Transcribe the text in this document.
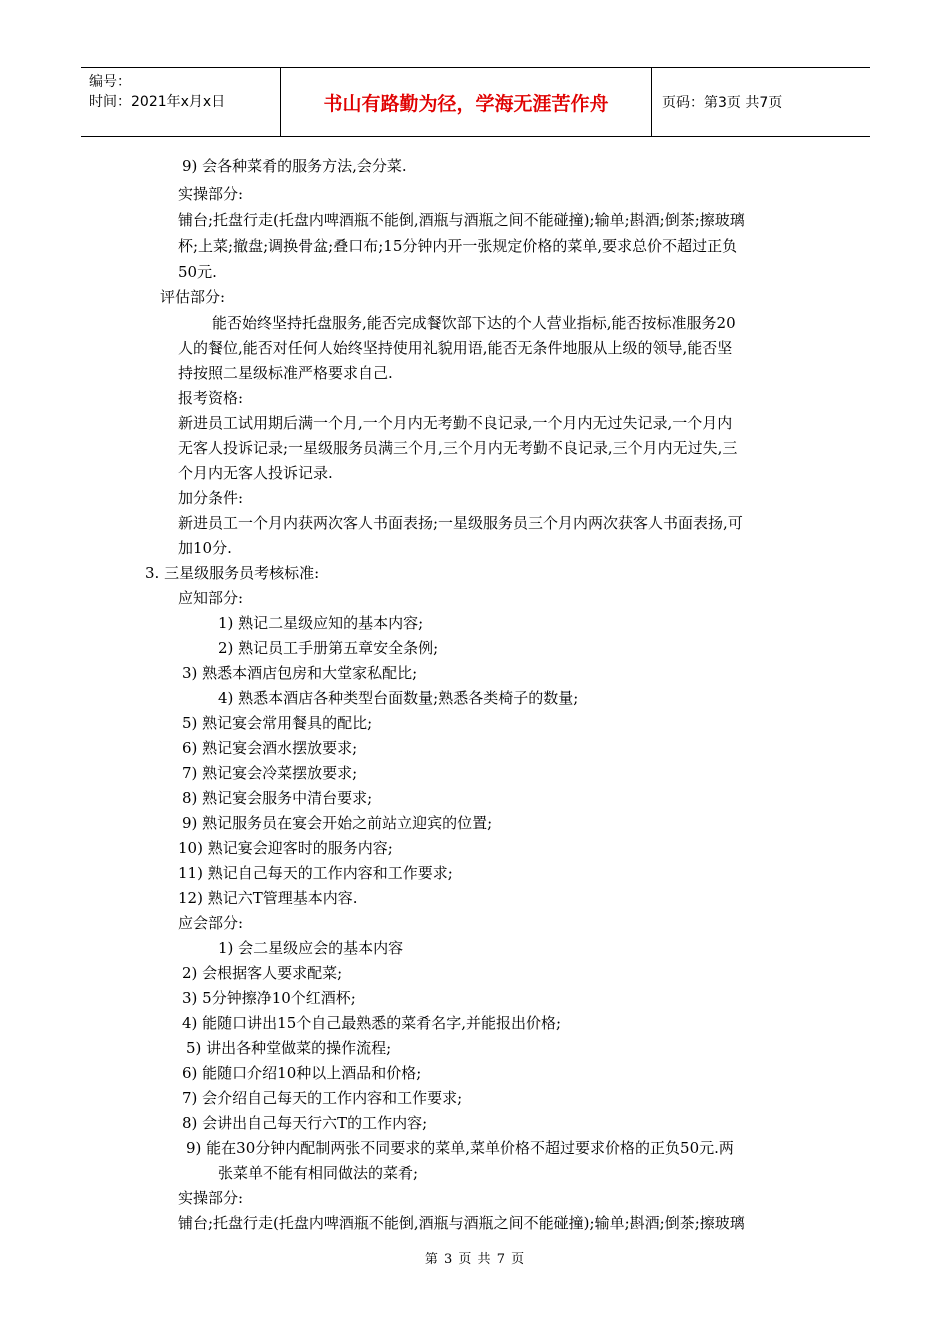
编号：
时间：2021年x月x日	书山有路勤为径，学海无涯苦作舟	页码：第3页 共7页
9) 会各种菜肴的服务方法,会分菜.
实操部分:
铺台;托盘行走(托盘内啤酒瓶不能倒,酒瓶与酒瓶之间不能碰撞);输单;斟酒;倒茶;擦玻璃
杯;上菜;撤盘;调换骨盆;叠口布;15分钟内开一张规定价格的菜单,要求总价不超过正负
50元.
评估部分:
能否始终坚持托盘服务,能否完成餐饮部下达的个人营业指标,能否按标准服务20
人的餐位,能否对任何人始终坚持使用礼貌用语,能否无条件地服从上级的领导,能否坚
持按照二星级标准严格要求自己.
报考资格:
新进员工试用期后满一个月,一个月内无考勤不良记录,一个月内无过失记录,一个月内
无客人投诉记录;一星级服务员满三个月,三个月内无考勤不良记录,三个月内无过失,三
个月内无客人投诉记录.
加分条件:
新进员工一个月内获两次客人书面表扬;一星级服务员三个月内两次获客人书面表扬,可
加10分.
3. 三星级服务员考核标准:
应知部分:
1) 熟记二星级应知的基本内容;
2) 熟记员工手册第五章安全条例;
3) 熟悉本酒店包房和大堂家私配比;
4) 熟悉本酒店各种类型台面数量;熟悉各类椅子的数量;
5) 熟记宴会常用餐具的配比;
6) 熟记宴会酒水摆放要求;
7) 熟记宴会冷菜摆放要求;
8) 熟记宴会服务中清台要求;
9) 熟记服务员在宴会开始之前站立迎宾的位置;
10) 熟记宴会迎客时的服务内容;
11) 熟记自己每天的工作内容和工作要求;
12) 熟记六T管理基本内容.
应会部分:
1) 会二星级应会的基本内容
2) 会根据客人要求配菜;
3) 5分钟擦净10个红酒杯;
4) 能随口讲出15个自己最熟悉的菜肴名字,并能报出价格;
5) 讲出各种堂做菜的操作流程;
6) 能随口介绍10种以上酒品和价格;
7) 会介绍自己每天的工作内容和工作要求;
8) 会讲出自己每天行六T的工作内容;
9) 能在30分钟内配制两张不同要求的菜单,菜单价格不超过要求价格的正负50元.两
张菜单不能有相同做法的菜肴;
实操部分:
铺台;托盘行走(托盘内啤酒瓶不能倒,酒瓶与酒瓶之间不能碰撞);输单;斟酒;倒茶;擦玻璃
第 3 页 共 7 页
